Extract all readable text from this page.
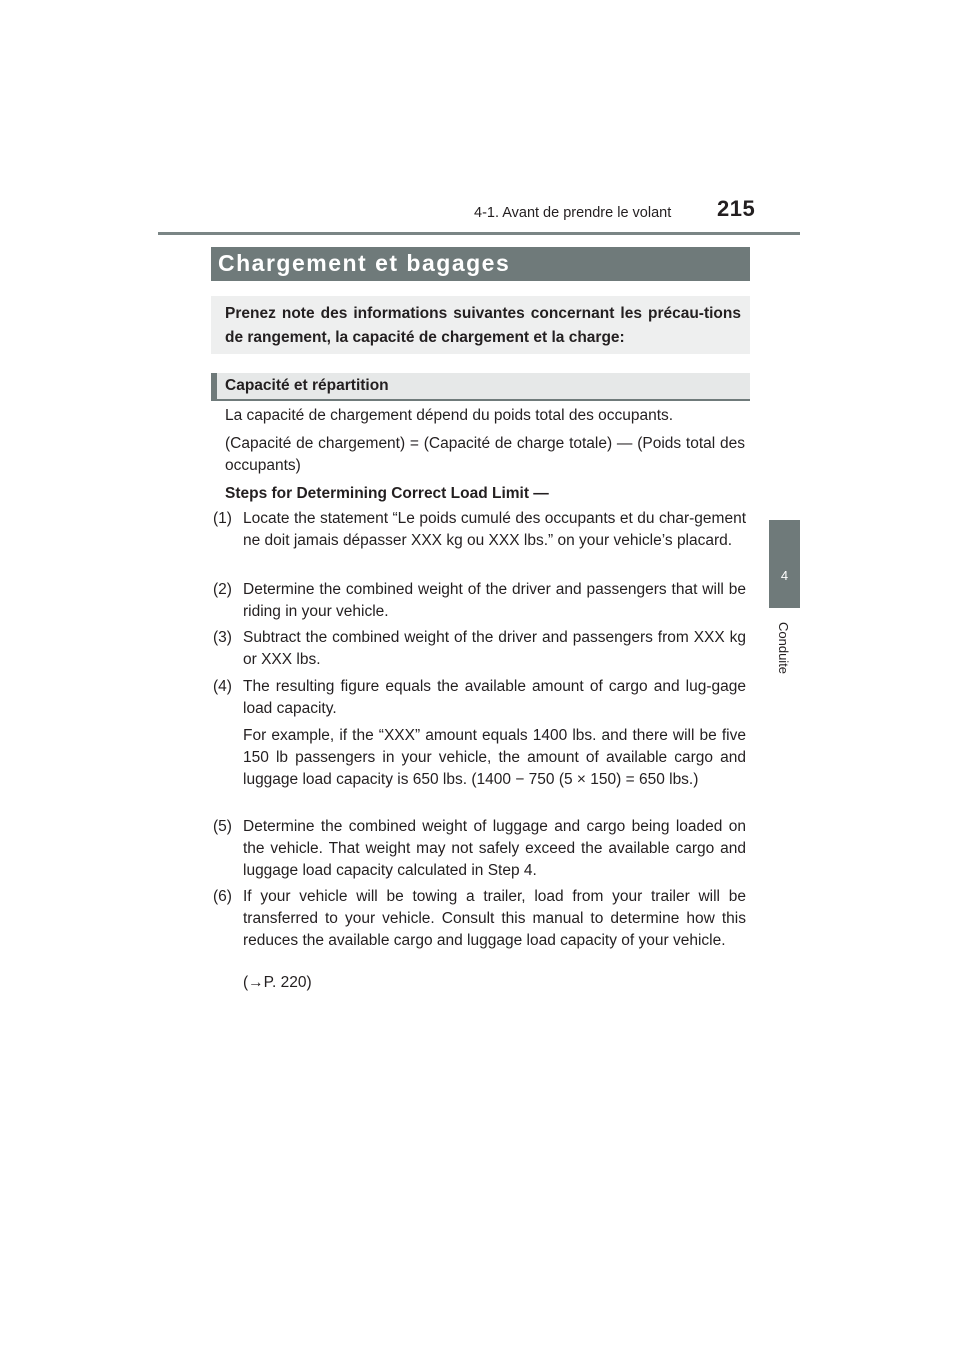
4-1. Avant de prendre le volant 215
4
Conduite
Chargement et bagages
Prenez note des informations suivantes concernant les précau-tions de rangement, la capacité de chargement et la charge:
Capacité et répartition
La capacité de chargement dépend du poids total des occupants.
(Capacité de chargement) = (Capacité de charge totale) — (Poids total des occupants)
Steps for Determining Correct Load Limit —
(1) Locate the statement “Le poids cumulé des occupants et du char-gement ne doit jamais dépasser XXX kg ou XXX lbs.” on your vehicle’s placard.
(2) Determine the combined weight of the driver and passengers that will be riding in your vehicle.
(3) Subtract the combined weight of the driver and passengers from XXX kg or XXX lbs.
(4) The resulting figure equals the available amount of cargo and lug-gage load capacity.
For example, if the “XXX” amount equals 1400 lbs. and there will be five 150 lb passengers in your vehicle, the amount of available cargo and luggage load capacity is 650 lbs. (1400 − 750 (5 × 150) = 650 lbs.)
(5) Determine the combined weight of luggage and cargo being loaded on the vehicle. That weight may not safely exceed the available cargo and luggage load capacity calculated in Step 4.
(6) If your vehicle will be towing a trailer, load from your trailer will be transferred to your vehicle. Consult this manual to determine how this reduces the available cargo and luggage load capacity of your vehicle.
(→P. 220)
